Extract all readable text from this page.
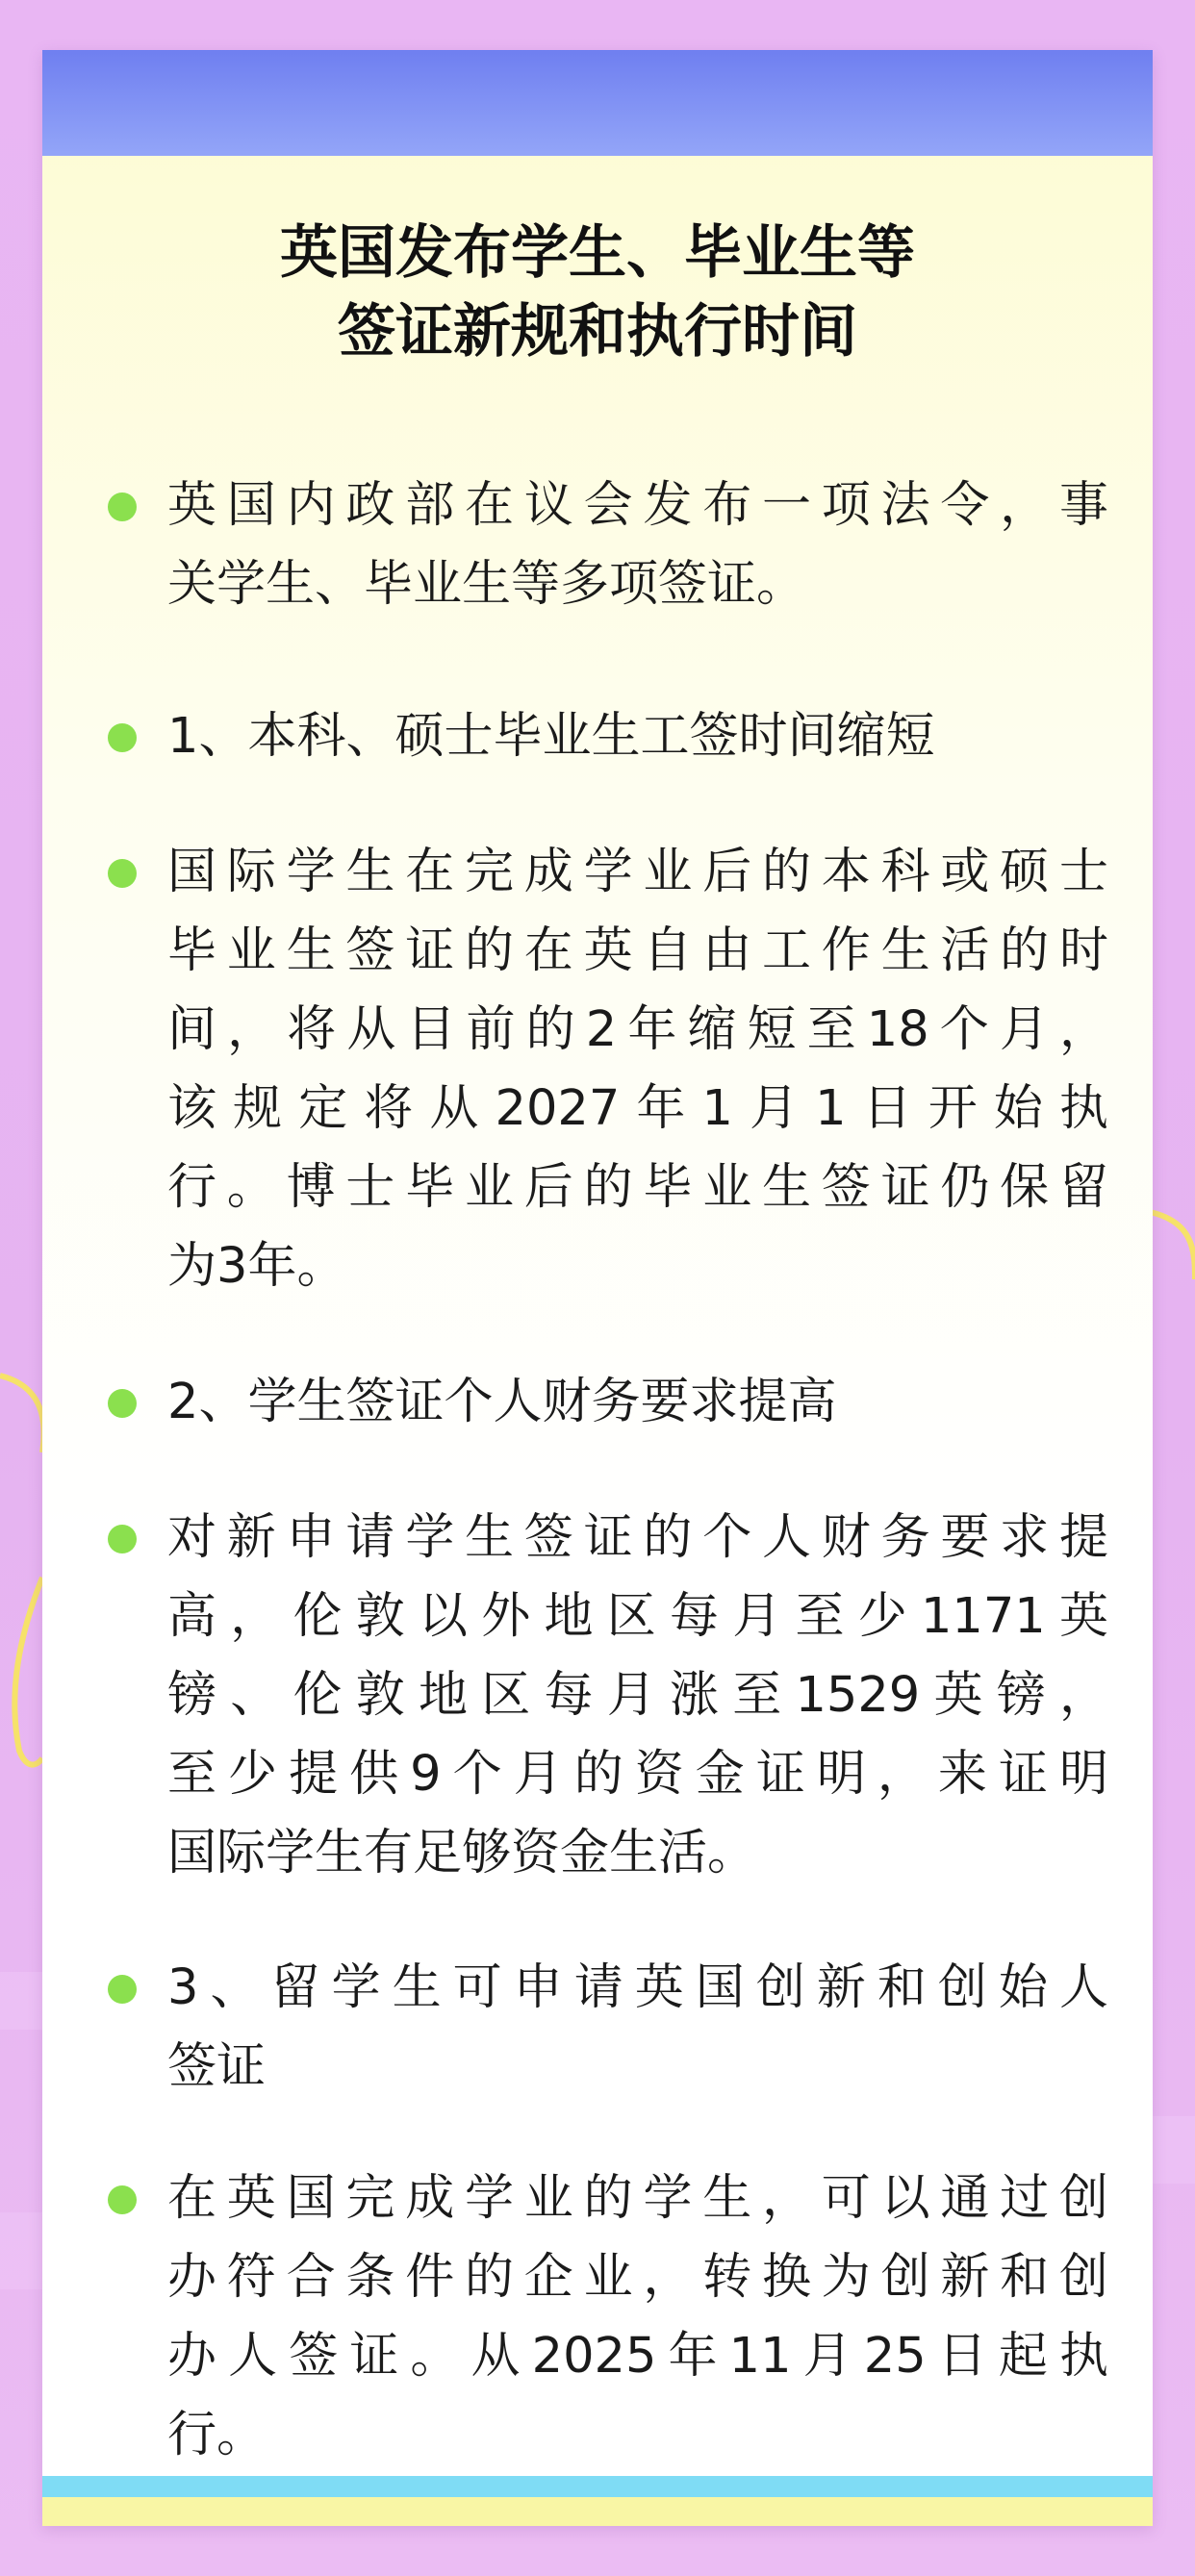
英国发布学生、毕业生等
签证新规和执行时间
英国内政部在议会发布一项法令，事
关学生、毕业生等多项签证。
1、本科、硕士毕业生工签时间缩短
国际学生在完成学业后的本科或硕士
毕业生签证的在英自由工作生活的时
间，将从目前的2年缩短至18个月，
该规定将从2027年1月1日开始执
行。博士毕业后的毕业生签证仍保留
为3年。
2、学生签证个人财务要求提高
对新申请学生签证的个人财务要求提
高，伦敦以外地区每月至少1171英
镑、伦敦地区每月涨至1529英镑，
至少提供9个月的资金证明，来证明
国际学生有足够资金生活。
3、留学生可申请英国创新和创始人
签证
在英国完成学业的学生，可以通过创
办符合条件的企业，转换为创新和创
办人签证。从2025年11月25日起执
行。
